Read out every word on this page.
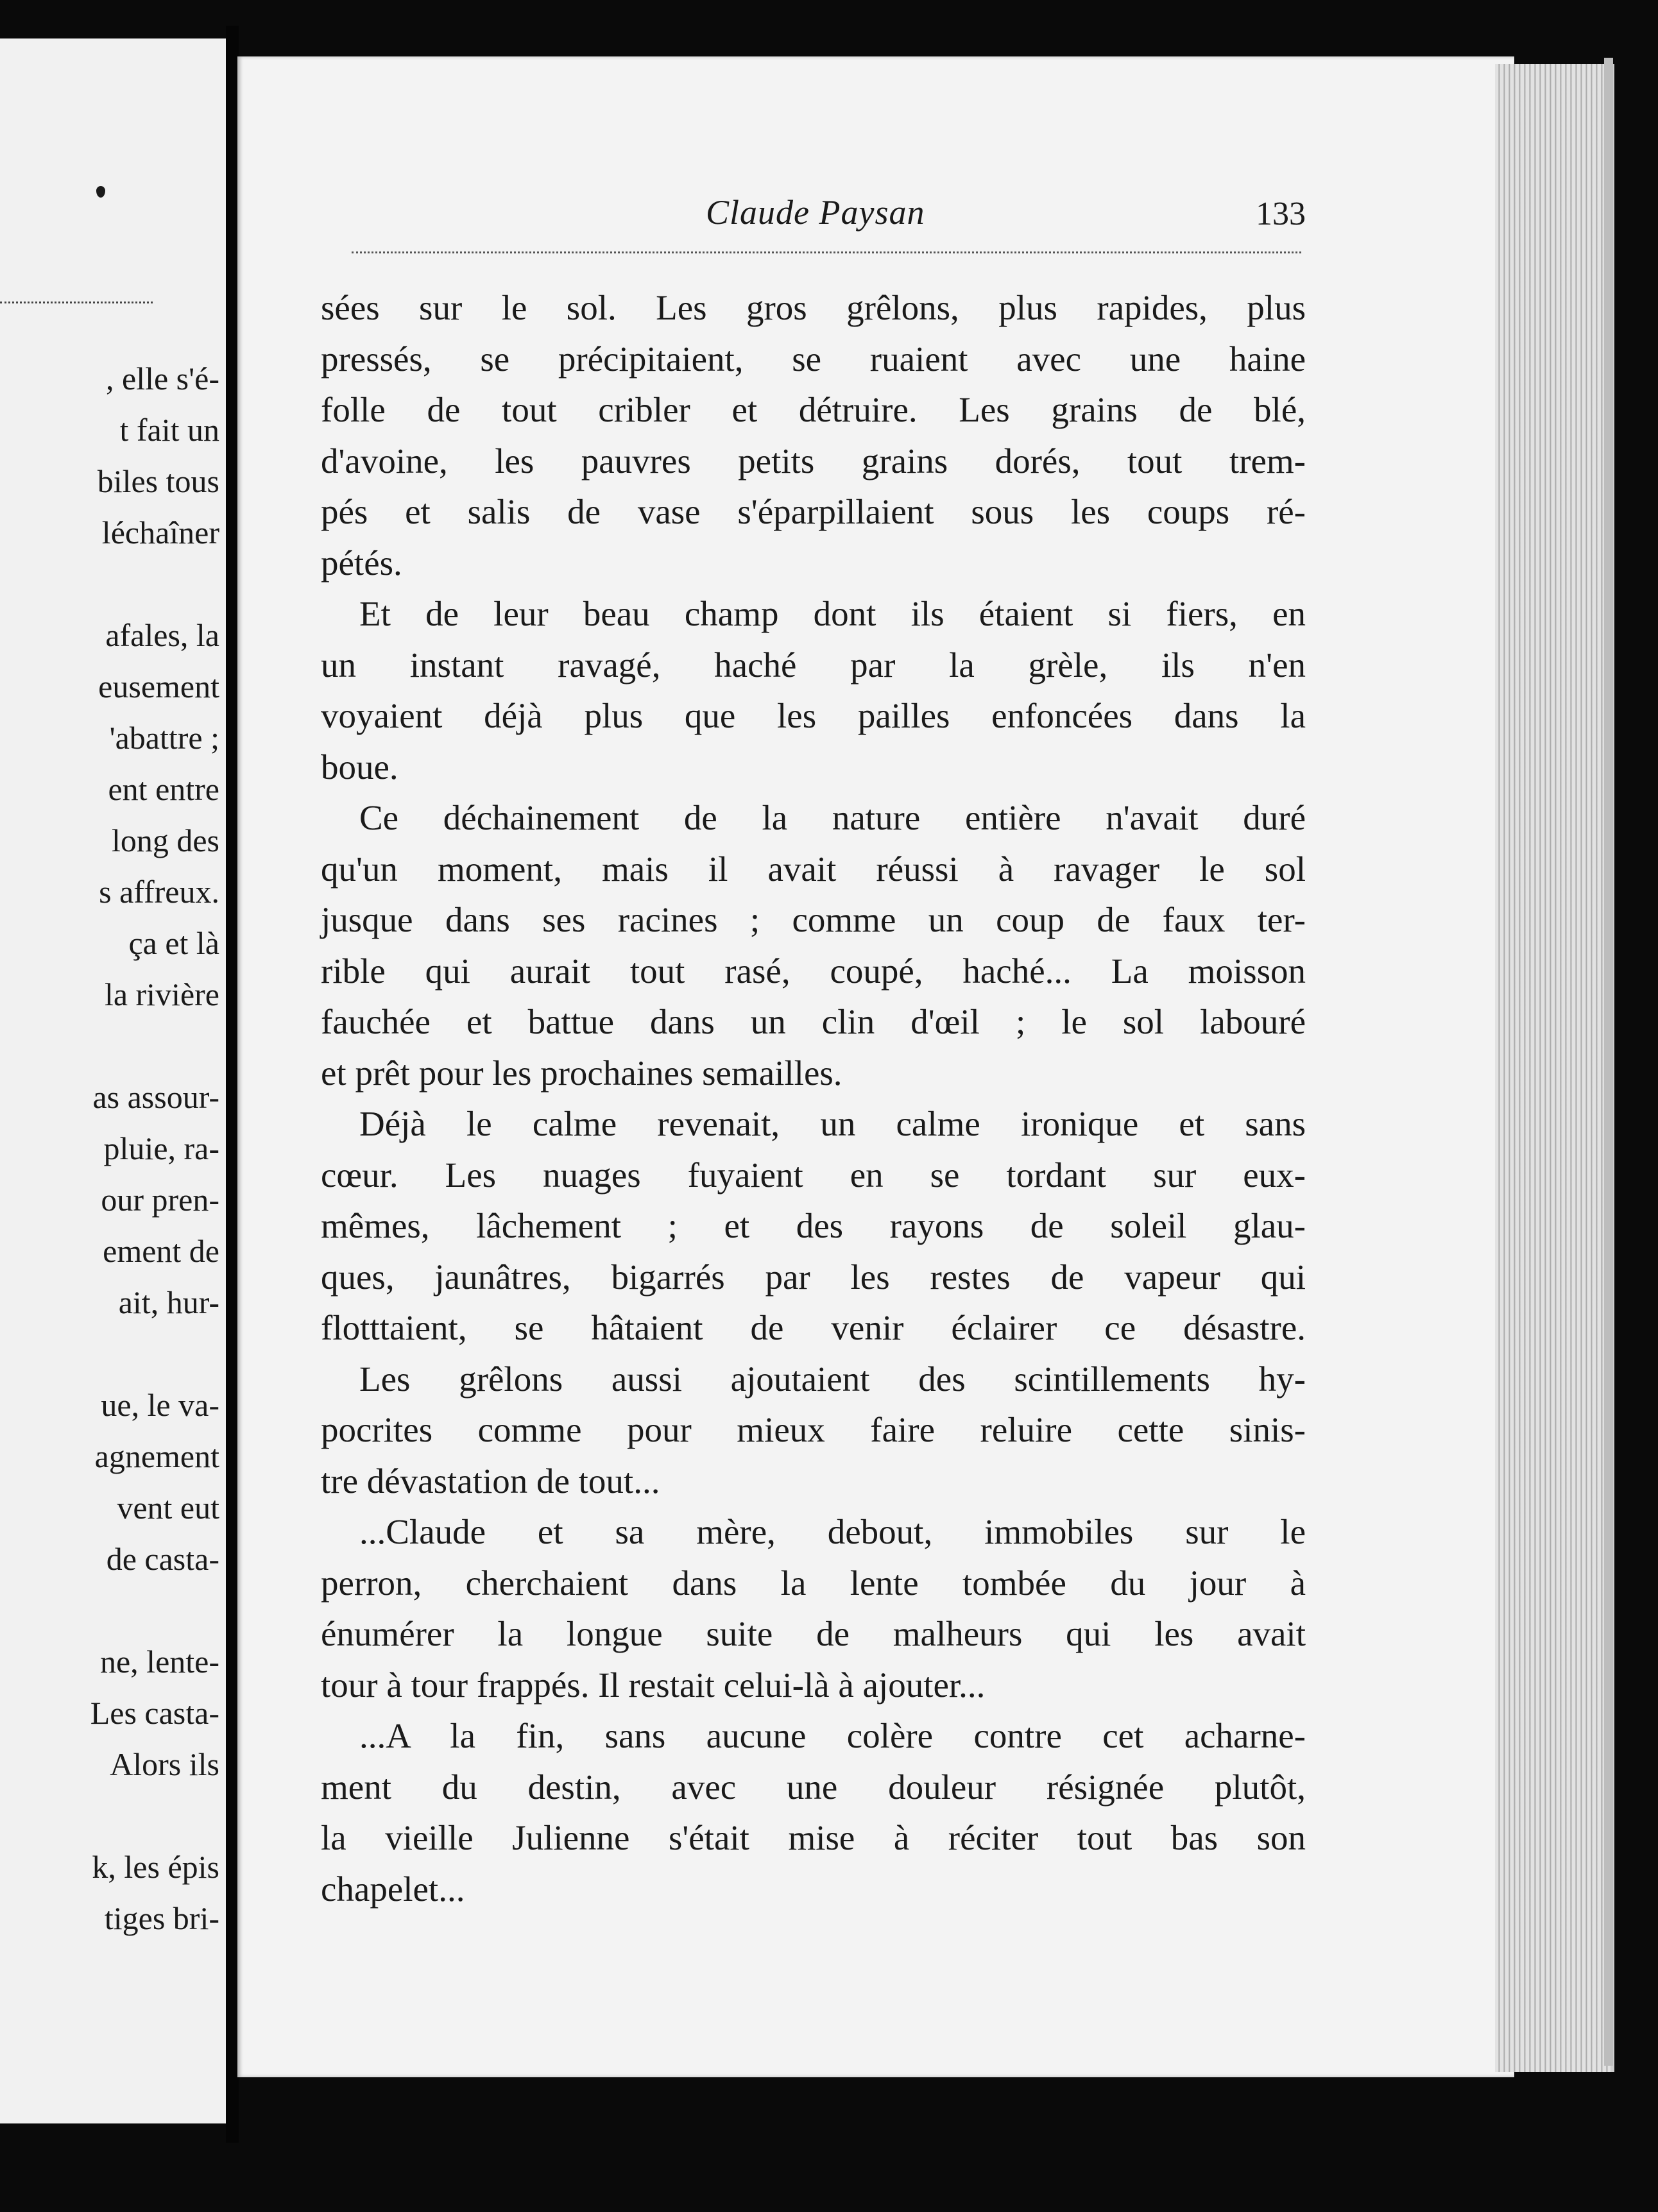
, elle s'é-
t fait un
biles tous
léchaîner
afales, la
eusement
'abattre ;
ent entre
long des
s affreux.
ça et là
la rivière
as assour-
pluie, ra-
our pren-
ement de
ait, hur-
ue, le va-
agnement
vent eut
de casta-
ne, lente-
Les casta-
Alors ils
k, les épis
tiges bri-
Claude Paysan	133
sées sur le sol. Les gros grêlons, plus rapides, plus
pressés, se précipitaient, se ruaient avec une haine
folle de tout cribler et détruire. Les grains de blé,
d'avoine, les pauvres petits grains dorés, tout trem-
pés et salis de vase s'éparpillaient sous les coups ré-
pétés.
Et de leur beau champ dont ils étaient si fiers, en
un instant ravagé, haché par la grèle, ils n'en
voyaient déjà plus que les pailles enfoncées dans la
boue.
Ce déchainement de la nature entière n'avait duré
qu'un moment, mais il avait réussi à ravager le sol
jusque dans ses racines ; comme un coup de faux ter-
rible qui aurait tout rasé, coupé, haché... La moisson
fauchée et battue dans un clin d'œil ; le sol labouré
et prêt pour les prochaines semailles.
Déjà le calme revenait, un calme ironique et sans
cœur. Les nuages fuyaient en se tordant sur eux-
mêmes, lâchement ; et des rayons de soleil glau-
ques, jaunâtres, bigarrés par les restes de vapeur qui
flotttaient, se hâtaient de venir éclairer ce désastre.
Les grêlons aussi ajoutaient des scintillements hy-
pocrites comme pour mieux faire reluire cette sinis-
tre dévastation de tout...
...Claude et sa mère, debout, immobiles sur le
perron, cherchaient dans la lente tombée du jour à
énumérer la longue suite de malheurs qui les avait
tour à tour frappés. Il restait celui-là à ajouter...
...A la fin, sans aucune colère contre cet acharne-
ment du destin, avec une douleur résignée plutôt,
la vieille Julienne s'était mise à réciter tout bas son
chapelet...
